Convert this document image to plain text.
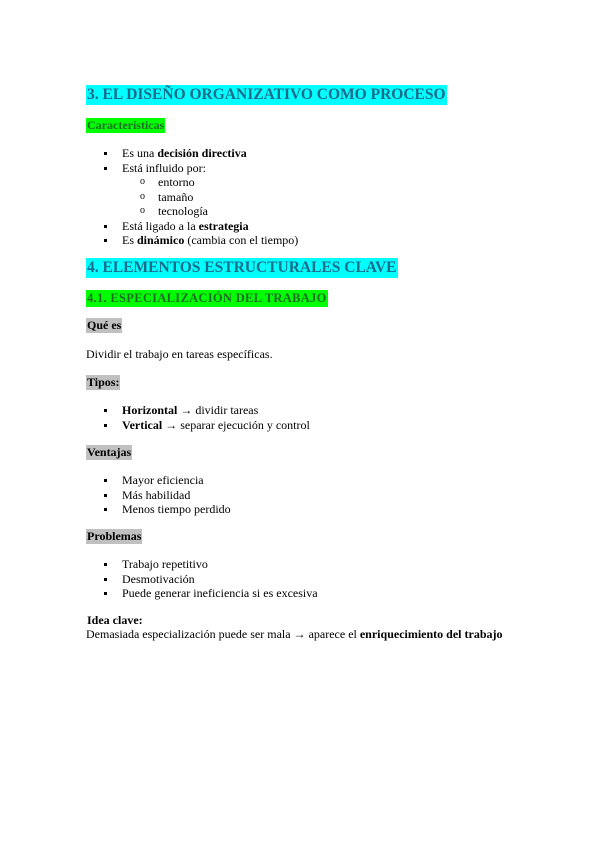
3. EL DISEÑO ORGANIZATIVO COMO PROCESO
Características
Es una decisión directiva
Está influido por:
o entorno
o tamaño
o tecnología
Está ligado a la estrategia
Es dinámico (cambia con el tiempo)
4. ELEMENTOS ESTRUCTURALES CLAVE
4.1. ESPECIALIZACIÓN DEL TRABAJO
Qué es
Dividir el trabajo en tareas específicas.
Tipos:
Horizontal → dividir tareas
Vertical → separar ejecución y control
Ventajas
Mayor eficiencia
Más habilidad
Menos tiempo perdido
Problemas
Trabajo repetitivo
Desmotivación
Puede generar ineficiencia si es excesiva
Idea clave:
Demasiada especialización puede ser mala → aparece el enriquecimiento del trabajo
